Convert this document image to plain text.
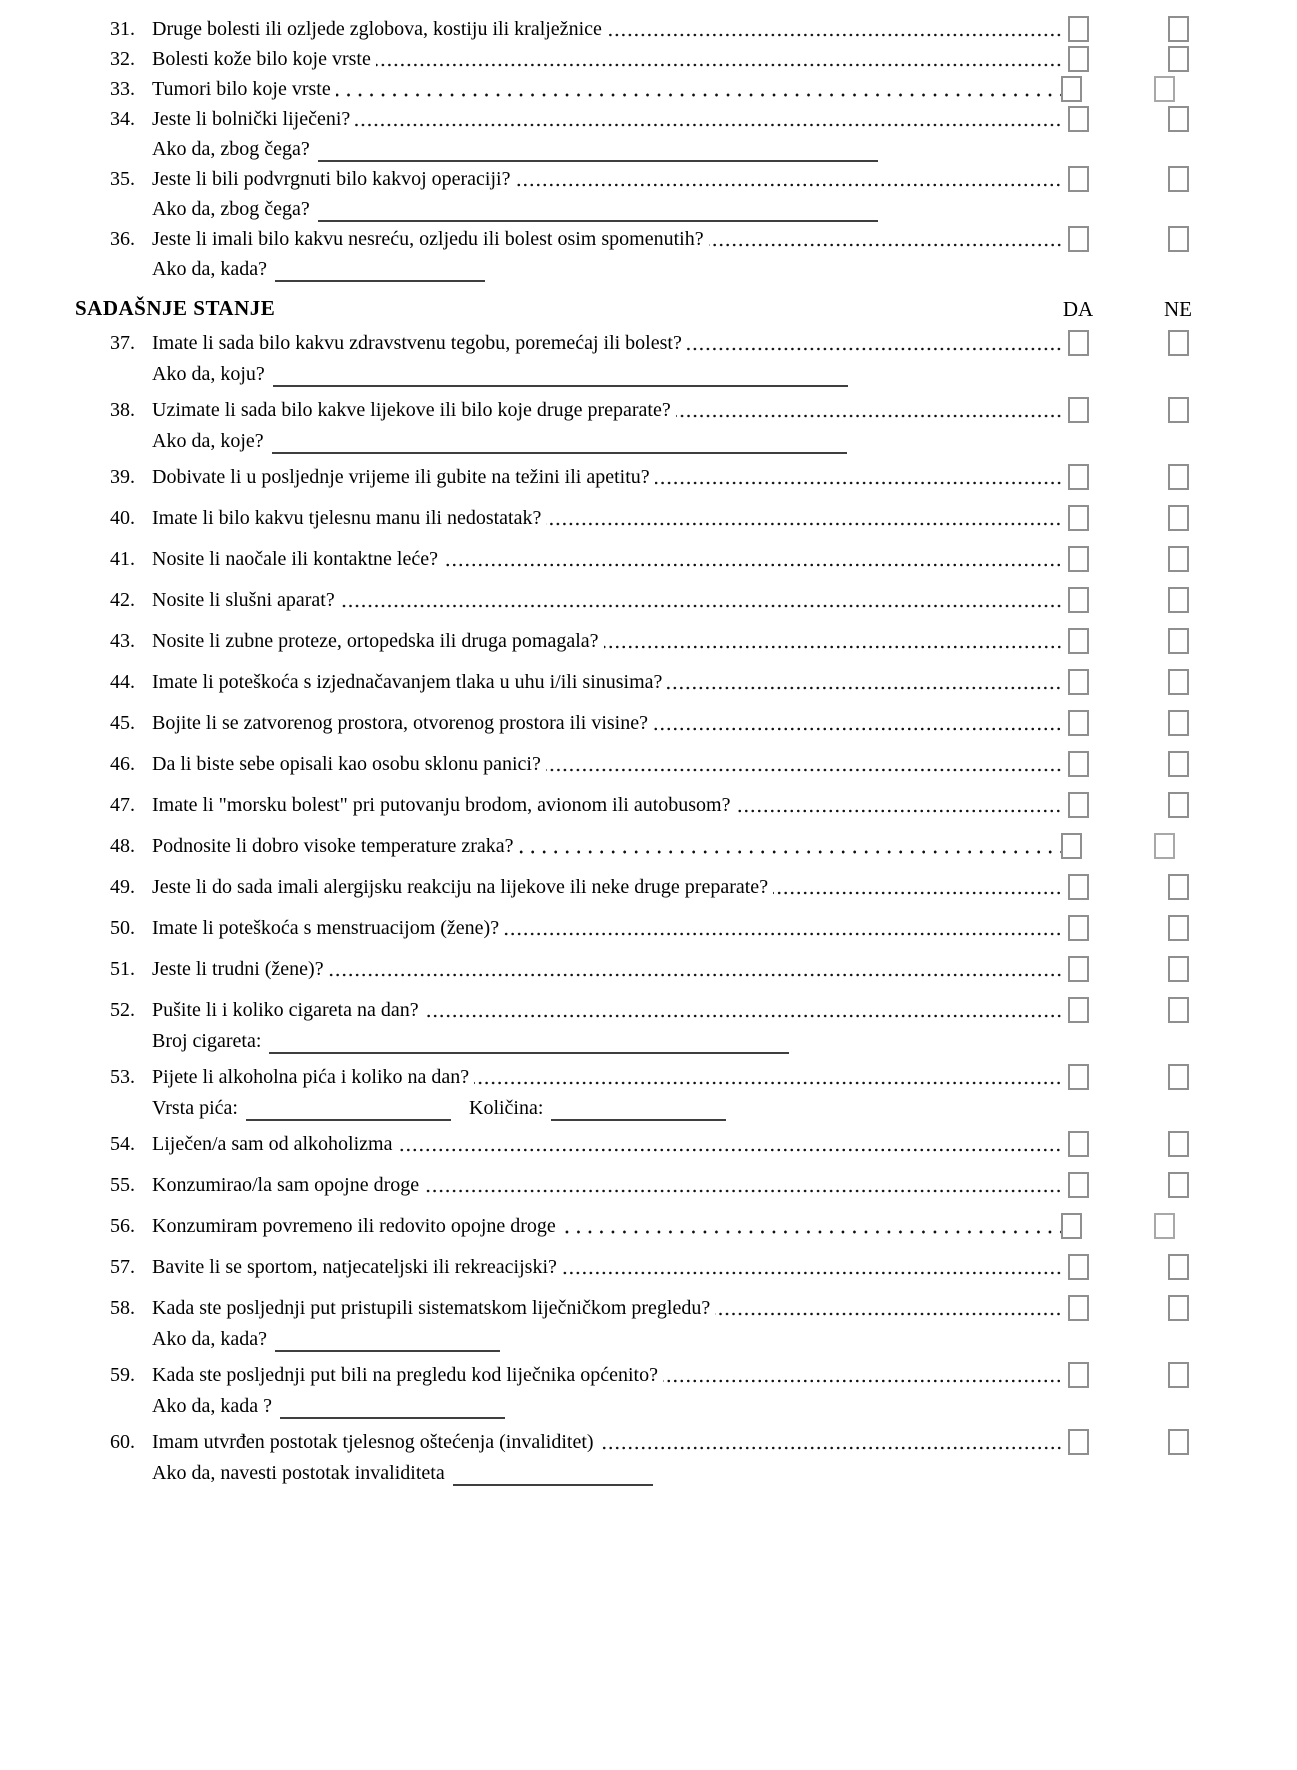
31. Druge bolesti ili ozljede zglobova, kostiju ili kralježnice
32. Bolesti kože bilo koje vrste
33. Tumori bilo koje vrste
34. Jeste li bolnički liječeni?
Ako da, zbog čega?
35. Jeste li bili podvrgnuti bilo kakvoj operaciji?
Ako da, zbog čega?
36. Jeste li imali bilo kakvu nesreću, ozljedu ili bolest osim spomenutih?
Ako da, kada?
SADAŠNJE STANJE	DA	NE
37. Imate li sada bilo kakvu zdravstvenu tegobu, poremećaj ili bolest?
Ako da, koju?
38. Uzimate li sada bilo kakve lijekove ili bilo koje druge preparate?
Ako da, koje?
39. Dobivate li u posljednje vrijeme ili gubite na težini ili apetitu?
40. Imate li bilo kakvu tjelesnu manu ili nedostatak?
41. Nosite li naočale ili kontaktne leće?
42. Nosite li slušni aparat?
43. Nosite li zubne proteze, ortopedska ili druga pomagala?
44. Imate li poteškoća s izjednačavanjem tlaka u uhu i/ili sinusima?
45. Bojite li se zatvorenog prostora, otvorenog prostora ili visine?
46. Da li biste sebe opisali kao osobu sklonu panici?
47. Imate li "morsku bolest" pri putovanju brodom, avionom ili autobusom?
48. Podnosite li dobro visoke temperature zraka?
49. Jeste li do sada imali alergijsku reakciju na lijekove ili neke druge preparate?
50. Imate li poteškoća s menstruacijom (žene)?
51. Jeste li trudni (žene)?
52. Pušite li i koliko cigareta na dan?
Broj cigareta:
53. Pijete li alkoholna pića i koliko na dan?
Vrsta pića:	Količina:
54. Liječen/a sam od alkoholizma
55. Konzumirao/la sam opojne droge
56. Konzumiram povremeno ili redovito opojne droge
57. Bavite li se sportom, natjecateljski ili rekreacijski?
58. Kada ste posljednji put pristupili sistematskom liječničkom pregledu?
Ako da, kada?
59. Kada ste posljednji put bili na pregledu kod liječnika općenito?
Ako da, kada ?
60. Imam utvrđen postotak tjelesnog oštećenja (invaliditet)
Ako da, navesti postotak invaliditeta
